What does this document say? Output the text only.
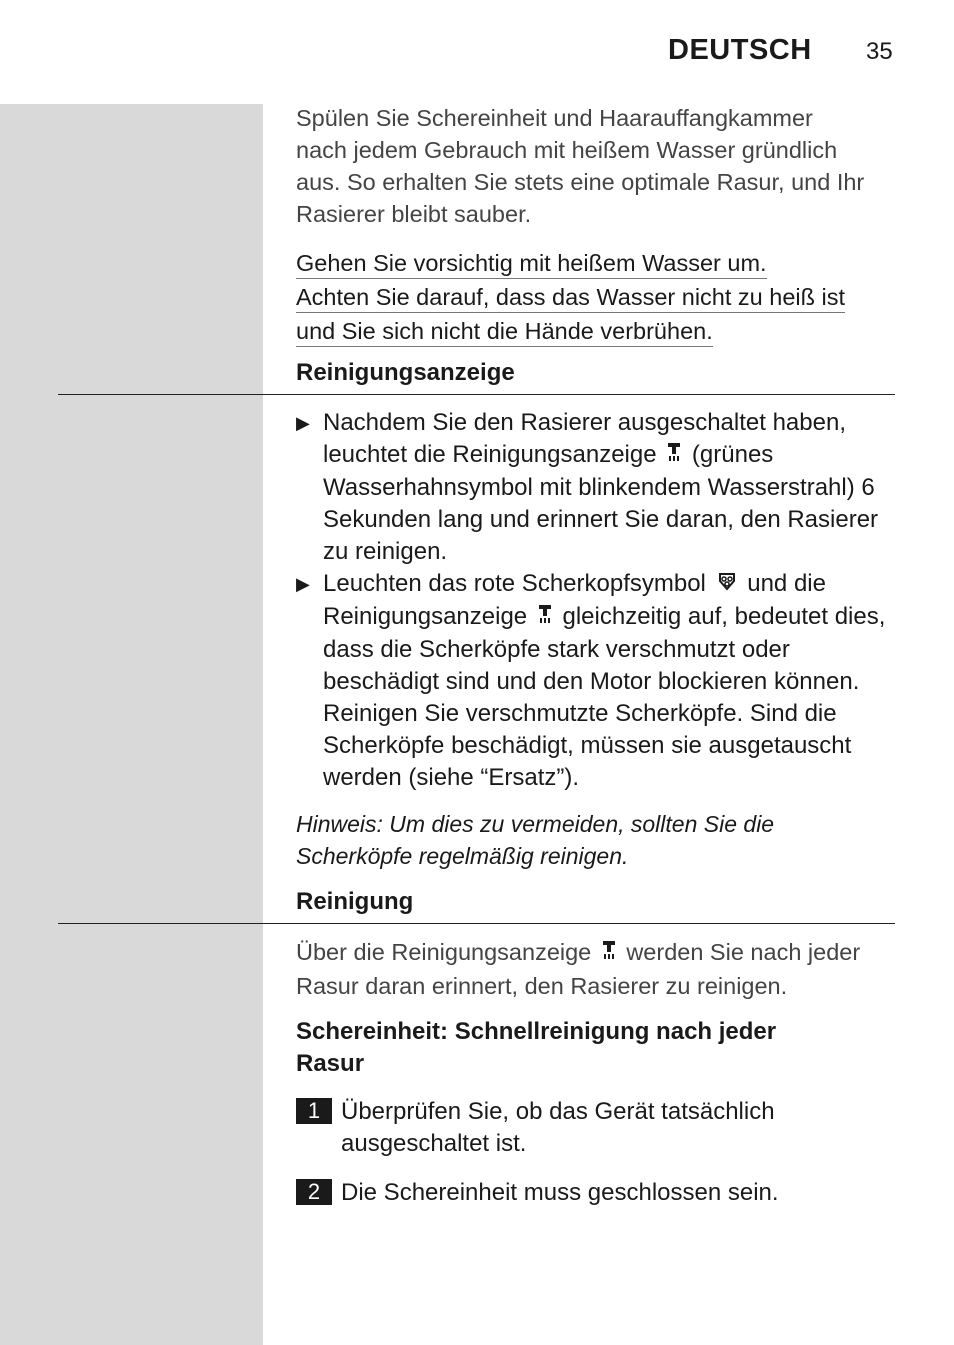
DEUTSCH 35
Spülen Sie Schereinheit und Haarauffangkammer
nach jedem Gebrauch mit heißem Wasser gründlich
aus. So erhalten Sie stets eine optimale Rasur, und Ihr
Rasierer bleibt sauber.
Gehen Sie vorsichtig mit heißem Wasser um.
Achten Sie darauf, dass das Wasser nicht zu heiß ist
und Sie sich nicht die Hände verbrühen.
Reinigungsanzeige
▶ Nachdem Sie den Rasierer ausgeschaltet haben, leuchtet die Reinigungsanzeige (grünes Wasserhahnsymbol mit blinkendem Wasserstrahl) 6 Sekunden lang und erinnert Sie daran, den Rasierer zu reinigen.
▶ Leuchten das rote Scherkopfsymbol und die Reinigungsanzeige gleichzeitig auf, bedeutet dies, dass die Scherköpfe stark verschmutzt oder beschädigt sind und den Motor blockieren können. Reinigen Sie verschmutzte Scherköpfe. Sind die Scherköpfe beschädigt, müssen sie ausgetauscht werden (siehe “Ersatz”).
Hinweis: Um dies zu vermeiden, sollten Sie die
Scherköpfe regelmäßig reinigen.
Reinigung
Über die Reinigungsanzeige werden Sie nach jeder
Rasur daran erinnert, den Rasierer zu reinigen.
Schereinheit: Schnellreinigung nach jeder
Rasur
1 Überprüfen Sie, ob das Gerät tatsächlich ausgeschaltet ist.
2 Die Schereinheit muss geschlossen sein.
